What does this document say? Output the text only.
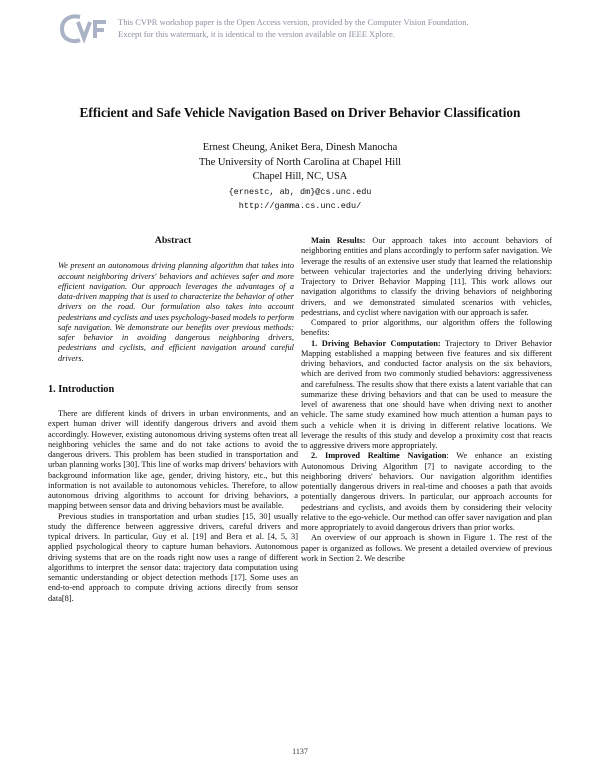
This CVPR workshop paper is the Open Access version, provided by the Computer Vision Foundation.
Except for this watermark, it is identical to the version available on IEEE Xplore.
Efficient and Safe Vehicle Navigation Based on Driver Behavior Classification
Ernest Cheung, Aniket Bera, Dinesh Manocha
The University of North Carolina at Chapel Hill
Chapel Hill, NC, USA
{ernestc, ab, dm}@cs.unc.edu
http://gamma.cs.unc.edu/
Abstract
We present an autonomous driving planning algorithm that takes into account neighboring drivers' behaviors and achieves safer and more efficient navigation. Our approach leverages the advantages of a data-driven mapping that is used to characterize the behavior of other drivers on the road. Our formulation also takes into account pedestrians and cyclists and uses psychology-based models to perform safe navigation. We demonstrate our benefits over previous methods: safer behavior in avoiding dangerous neighboring drivers, pedestrians and cyclists, and efficient navigation around careful drivers.
1. Introduction

There are different kinds of drivers in urban environments, and an expert human driver will identify dangerous drivers and avoid them accordingly. However, existing autonomous driving systems often treat all neighboring vehicles the same and do not take actions to avoid the dangerous drivers. This problem has been studied in transportation and urban planning works [30]. This line of works map drivers' behaviors with background information like age, gender, driving history, etc., but this information is not available to autonomous vehicles. Therefore, to allow autonomous driving algorithms to account for driving behaviors, a mapping between sensor data and driving behaviors must be available.

Previous studies in transportation and urban studies [15, 30] usually study the difference between aggressive drivers, careful drivers and typical drivers. In particular, Guy et al. [19] and Bera et al. [4, 5, 3] applied psychological theory to capture human behaviors. Autonomous driving systems that are on the roads right now uses a range of different algorithms to interpret the sensor data: trajectory data computation using semantic understanding or object detection methods [17]. Some uses an end-to-end approach to compute driving actions directly from sensor data[8].

Main Results: Our approach takes into account behaviors of neighboring entities and plans accordingly to perform safer navigation. We leverage the results of an extensive user study that learned the relationship between vehicular trajectories and the underlying driving behaviors: Trajectory to Driver Behavior Mapping [11]. This work allows our navigation algorithms to classify the driving behaviors of neighboring drivers, and we demonstrated simulated scenarios with vehicles, pedestrians, and cyclist where navigation with our approach is safer.

Compared to prior algorithms, our algorithm offers the following benefits:

1. Driving Behavior Computation: Trajectory to Driver Behavior Mapping established a mapping between five features and six different driving behaviors, and conducted factor analysis on the six behaviors, which are derived from two commonly studied behaviors: aggressiveness and carefulness. The results show that there exists a latent variable that can summarize these driving behaviors and that can be used to measure the level of awareness that one should have when driving next to another vehicle. The same study examined how much attention a human pays to such a vehicle when it is driving in different relative locations. We leverage the results of this study and develop a proximity cost that reacts to aggressive drivers more appropriately.

2. Improved Realtime Navigation: We enhance an existing Autonomous Driving Algorithm [7] to navigate according to the neighboring drivers' behaviors. Our navigation algorithm identifies potentially dangerous drivers in real-time and chooses a path that avoids potentially dangerous drivers. In particular, our approach accounts for pedestrians and cyclists, and avoids them by considering their velocity relative to the ego-vehicle. Our method can offer saver navigation and plan more appropriately to avoid dangerous drivers than prior works.

An overview of our approach is shown in Figure 1. The rest of the paper is organized as follows. We present a detailed overview of previous work in Section 2. We describe

1137
